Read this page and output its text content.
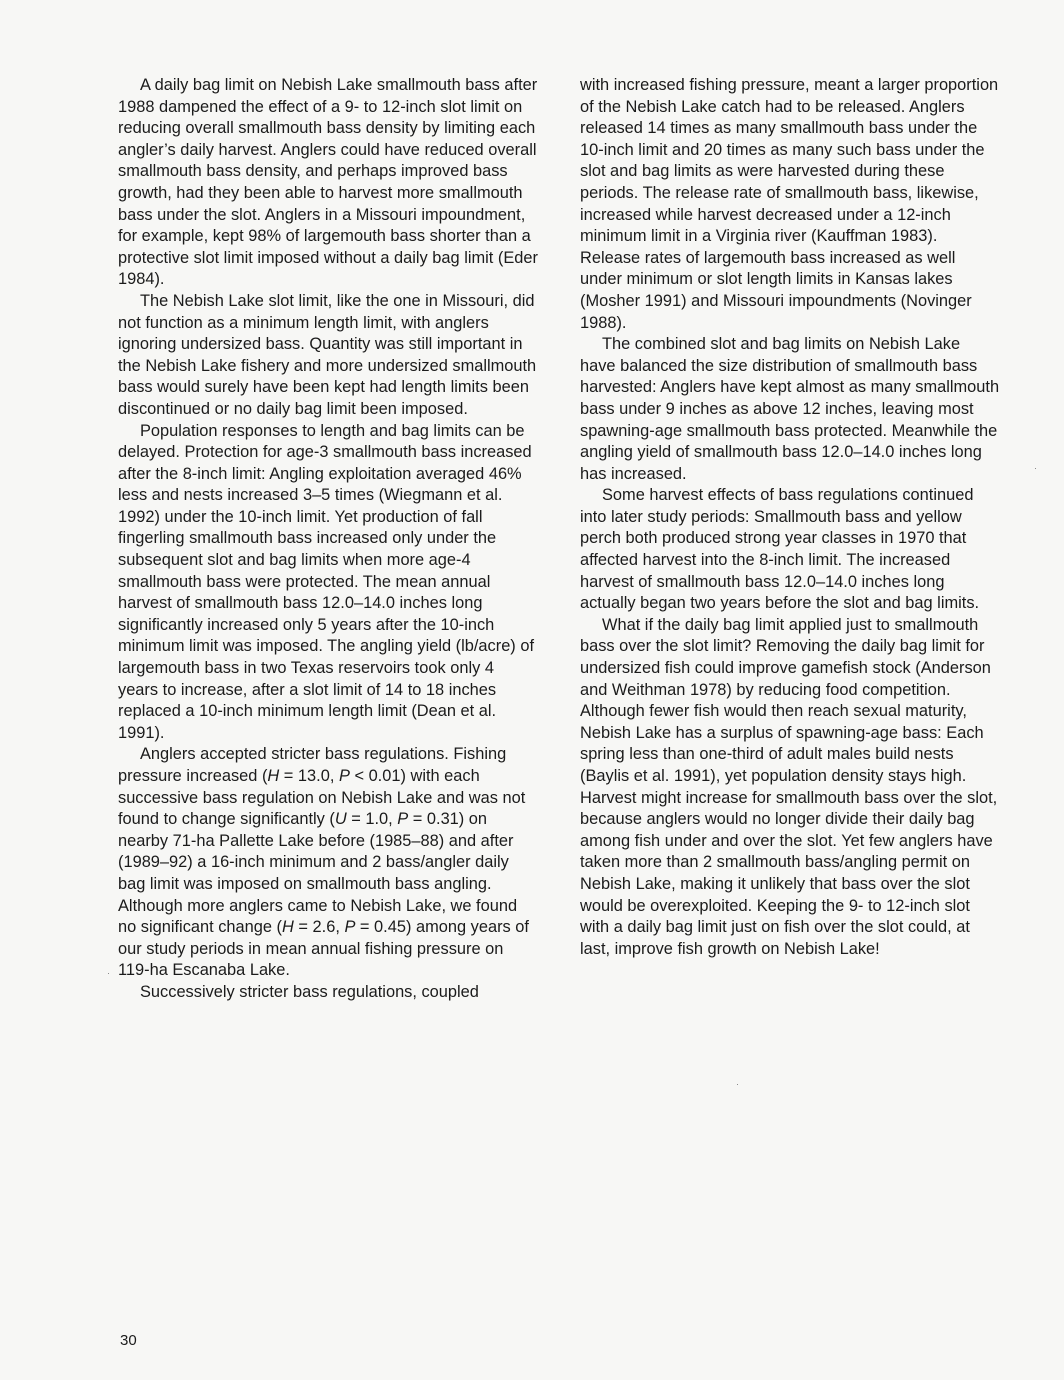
A daily bag limit on Nebish Lake smallmouth bass after 1988 dampened the effect of a 9- to 12-inch slot limit on reducing overall smallmouth bass density by limiting each angler’s daily harvest. Anglers could have reduced overall smallmouth bass density, and perhaps improved bass growth, had they been able to harvest more smallmouth bass under the slot. Anglers in a Missouri impoundment, for example, kept 98% of largemouth bass shorter than a protective slot limit imposed without a daily bag limit (Eder 1984).

The Nebish Lake slot limit, like the one in Missouri, did not function as a minimum length limit, with anglers ignoring undersized bass. Quantity was still important in the Nebish Lake fishery and more undersized smallmouth bass would surely have been kept had length limits been discontinued or no daily bag limit been imposed.

Population responses to length and bag limits can be delayed. Protection for age-3 smallmouth bass increased after the 8-inch limit: Angling exploitation averaged 46% less and nests increased 3–5 times (Wiegmann et al. 1992) under the 10-inch limit. Yet production of fall fingerling smallmouth bass increased only under the subsequent slot and bag limits when more age-4 smallmouth bass were protected. The mean annual harvest of smallmouth bass 12.0–14.0 inches long significantly increased only 5 years after the 10-inch minimum limit was imposed. The angling yield (lb/acre) of largemouth bass in two Texas reservoirs took only 4 years to increase, after a slot limit of 14 to 18 inches replaced a 10-inch minimum length limit (Dean et al. 1991).

Anglers accepted stricter bass regulations. Fishing pressure increased (H = 13.0, P < 0.01) with each successive bass regulation on Nebish Lake and was not found to change significantly (U = 1.0, P = 0.31) on nearby 71-ha Pallette Lake before (1985–88) and after (1989–92) a 16-inch minimum and 2 bass/angler daily bag limit was imposed on smallmouth bass angling. Although more anglers came to Nebish Lake, we found no significant change (H = 2.6, P = 0.45) among years of our study periods in mean annual fishing pressure on 119-ha Escanaba Lake.

Successively stricter bass regulations, coupled

with increased fishing pressure, meant a larger proportion of the Nebish Lake catch had to be released. Anglers released 14 times as many smallmouth bass under the 10-inch limit and 20 times as many such bass under the slot and bag limits as were harvested during these periods. The release rate of smallmouth bass, likewise, increased while harvest decreased under a 12-inch minimum limit in a Virginia river (Kauffman 1983). Release rates of largemouth bass increased as well under minimum or slot length limits in Kansas lakes (Mosher 1991) and Missouri impoundments (Novinger 1988).

The combined slot and bag limits on Nebish Lake have balanced the size distribution of smallmouth bass harvested: Anglers have kept almost as many smallmouth bass under 9 inches as above 12 inches, leaving most spawning-age smallmouth bass protected. Meanwhile the angling yield of smallmouth bass 12.0–14.0 inches long has increased.

Some harvest effects of bass regulations continued into later study periods: Smallmouth bass and yellow perch both produced strong year classes in 1970 that affected harvest into the 8-inch limit. The increased harvest of smallmouth bass 12.0–14.0 inches long actually began two years before the slot and bag limits.

What if the daily bag limit applied just to smallmouth bass over the slot limit? Removing the daily bag limit for undersized fish could improve gamefish stock (Anderson and Weithman 1978) by reducing food competition. Although fewer fish would then reach sexual maturity, Nebish Lake has a surplus of spawning-age bass: Each spring less than one-third of adult males build nests (Baylis et al. 1991), yet population density stays high. Harvest might increase for smallmouth bass over the slot, because anglers would no longer divide their daily bag among fish under and over the slot. Yet few anglers have taken more than 2 smallmouth bass/angling permit on Nebish Lake, making it unlikely that bass over the slot would be overexploited. Keeping the 9- to 12-inch slot with a daily bag limit just on fish over the slot could, at last, improve fish growth on Nebish Lake!

30
